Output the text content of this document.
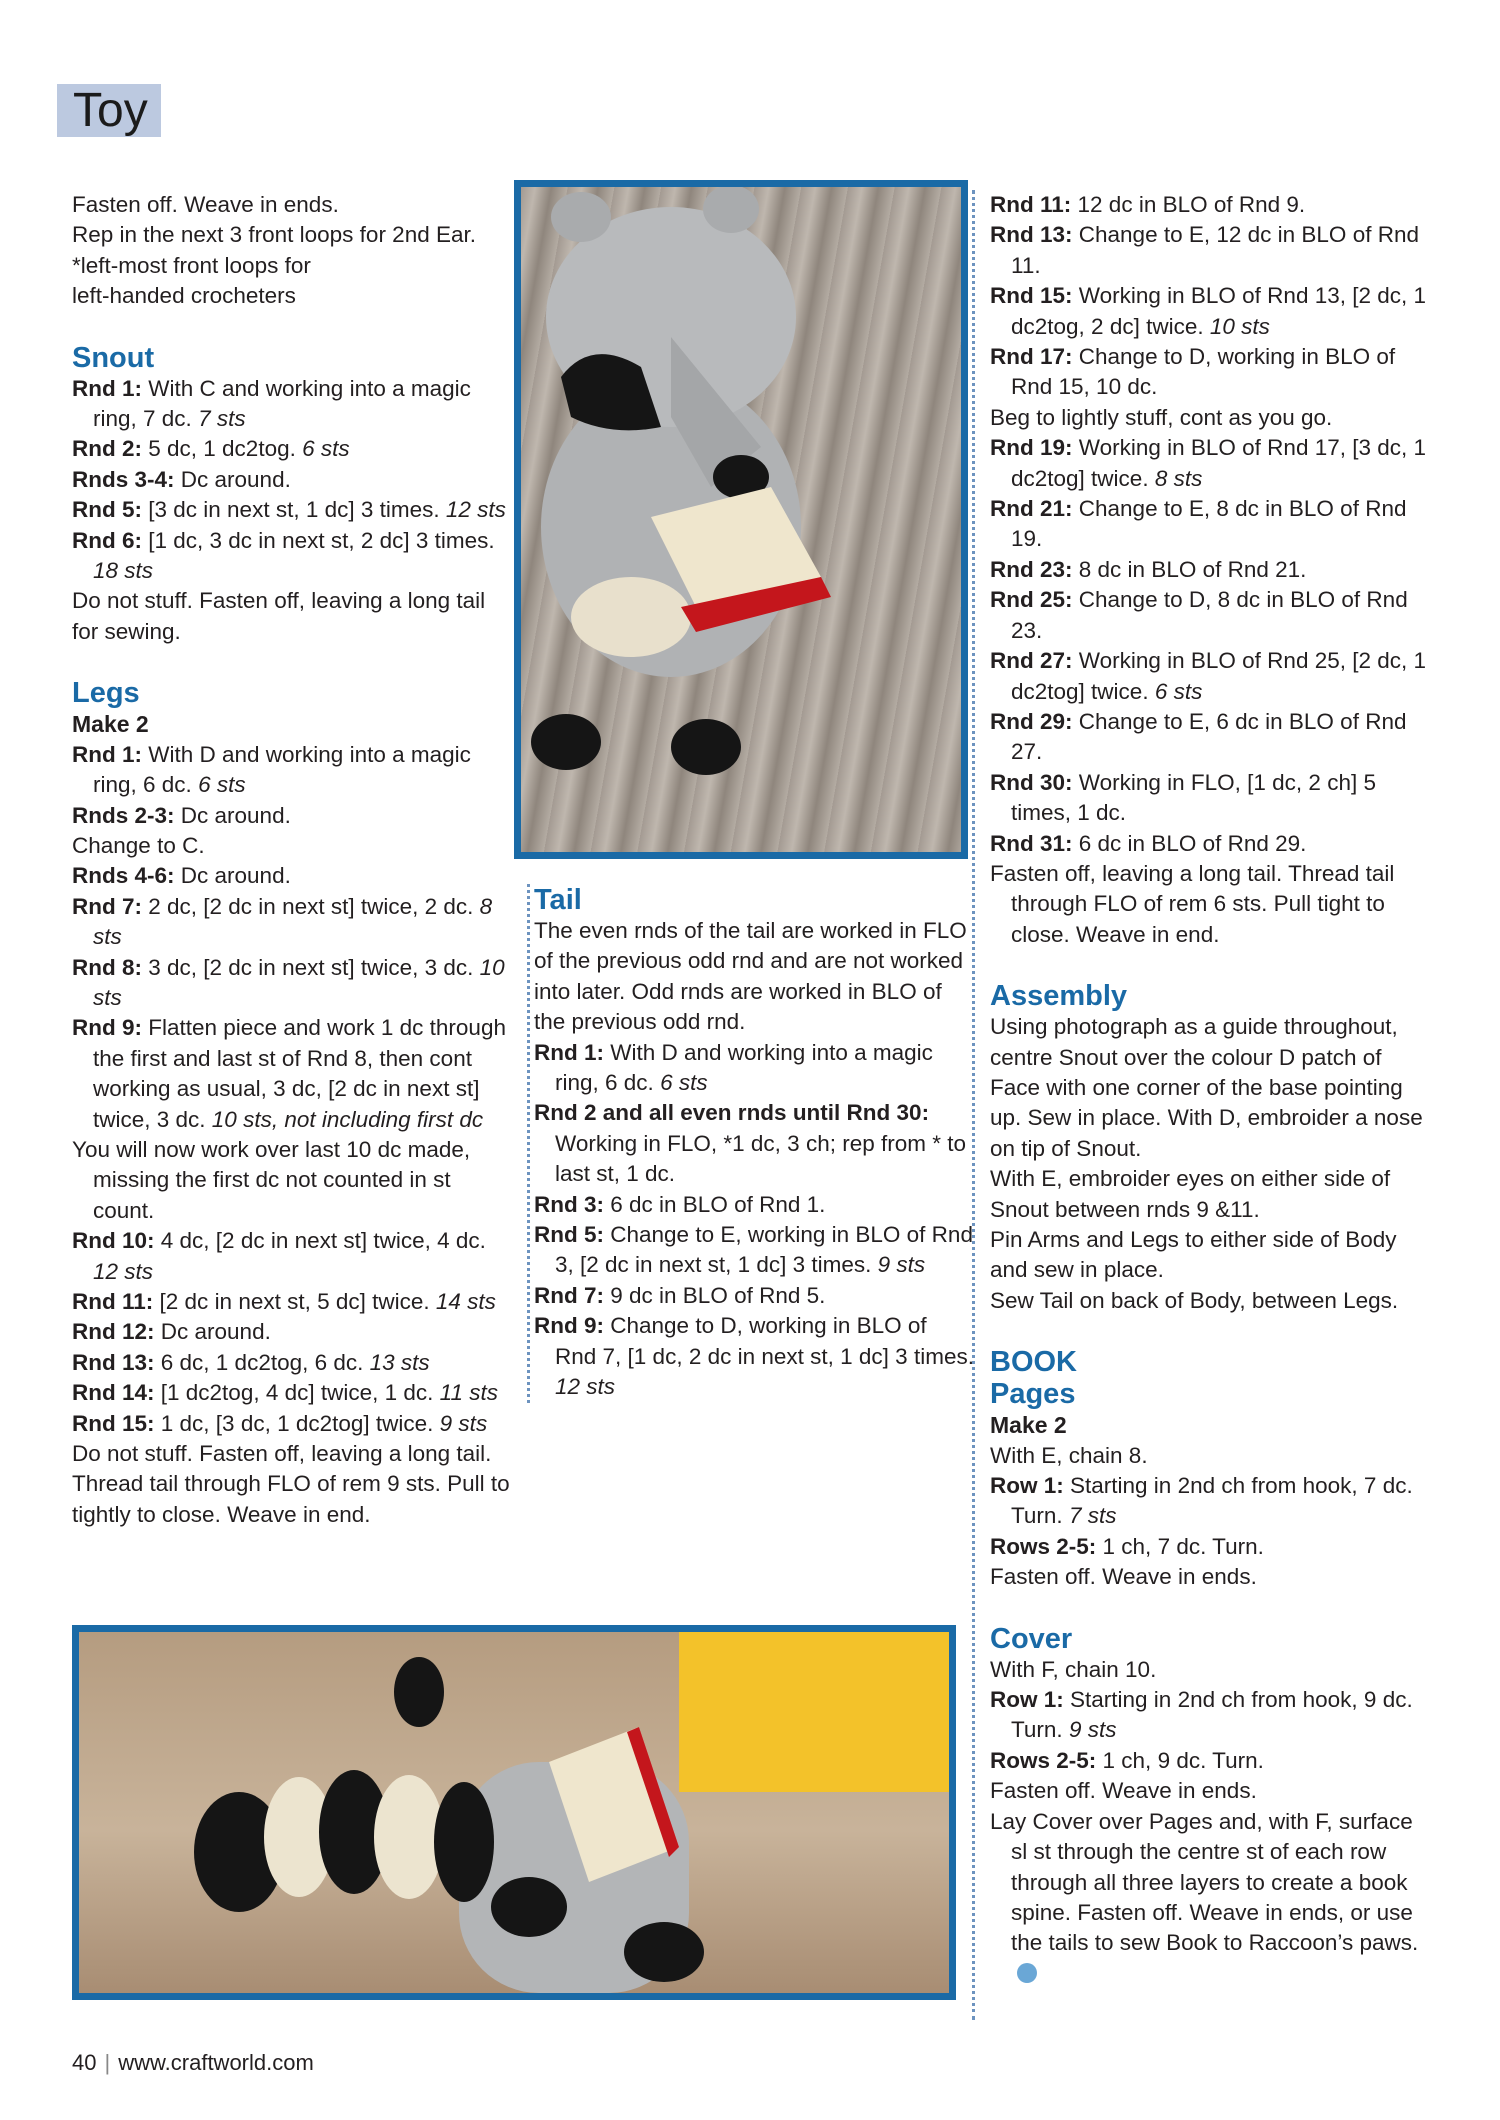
Toy

Fasten off. Weave in ends.

Rep in the next 3 front loops for 2nd Ear.

*left-most front loops for

left-handed crocheters

Snout

Rnd 1: With C and working into a magic ring, 7 dc. 7 sts

Rnd 2: 5 dc, 1 dc2tog. 6 sts

Rnds 3-4: Dc around.

Rnd 5: [3 dc in next st, 1 dc] 3 times. 12 sts

Rnd 6: [1 dc, 3 dc in next st, 2 dc] 3 times. 18 sts

Do not stuff. Fasten off, leaving a long tail for sewing.

Legs
Make 2

Rnd 1: With D and working into a magic ring, 6 dc. 6 sts

Rnds 2-3: Dc around.

Change to C.

Rnds 4-6: Dc around.

Rnd 7: 2 dc, [2 dc in next st] twice, 2 dc. 8 sts

Rnd 8: 3 dc, [2 dc in next st] twice, 3 dc. 10 sts

Rnd 9: Flatten piece and work 1 dc through the first and last st of Rnd 8, then cont working as usual, 3 dc, [2 dc in next st] twice, 3 dc. 10 sts, not including first dc

You will now work over last 10 dc made, missing the first dc not counted in st count.

Rnd 10: 4 dc, [2 dc in next st] twice, 4 dc. 12 sts

Rnd 11: [2 dc in next st, 5 dc] twice. 14 sts

Rnd 12: Dc around.

Rnd 13: 6 dc, 1 dc2tog, 6 dc. 13 sts

Rnd 14: [1 dc2tog, 4 dc] twice, 1 dc. 11 sts

Rnd 15: 1 dc, [3 dc, 1 dc2tog] twice. 9 sts

Do not stuff. Fasten off, leaving a long tail. Thread tail through FLO of rem 9 sts. Pull to tightly to close. Weave in end.

Tail

The even rnds of the tail are worked in FLO of the previous odd rnd and are not worked into later. Odd rnds are worked in BLO of the previous odd rnd.

Rnd 1: With D and working into a magic ring, 6 dc. 6 sts

Rnd 2 and all even rnds until Rnd 30: Working in FLO, *1 dc, 3 ch; rep from * to last st, 1 dc.

Rnd 3: 6 dc in BLO of Rnd 1.

Rnd 5: Change to E, working in BLO of Rnd 3, [2 dc in next st, 1 dc] 3 times. 9 sts

Rnd 7: 9 dc in BLO of Rnd 5.

Rnd 9: Change to D, working in BLO of Rnd 7, [1 dc, 2 dc in next st, 1 dc] 3 times. 12 sts

Rnd 11: 12 dc in BLO of Rnd 9.

Rnd 13: Change to E, 12 dc in BLO of Rnd 11.

Rnd 15: Working in BLO of Rnd 13, [2 dc, 1 dc2tog, 2 dc] twice. 10 sts

Rnd 17: Change to D, working in BLO of Rnd 15, 10 dc.

Beg to lightly stuff, cont as you go.

Rnd 19: Working in BLO of Rnd 17, [3 dc, 1 dc2tog] twice. 8 sts

Rnd 21: Change to E, 8 dc in BLO of Rnd 19.

Rnd 23: 8 dc in BLO of Rnd 21.

Rnd 25: Change to D, 8 dc in BLO of Rnd 23.

Rnd 27: Working in BLO of Rnd 25, [2 dc, 1 dc2tog] twice. 6 sts

Rnd 29: Change to E, 6 dc in BLO of Rnd 27.

Rnd 30: Working in FLO, [1 dc, 2 ch] 5 times, 1 dc.

Rnd 31: 6 dc in BLO of Rnd 29.

Fasten off, leaving a long tail. Thread tail through FLO of rem 6 sts. Pull tight to close. Weave in end.

Assembly

Using photograph as a guide throughout, centre Snout over the colour D patch of Face with one corner of the base pointing up. Sew in place. With D, embroider a nose on tip of Snout.

With E, embroider eyes on either side of Snout between rnds 9 &11.

Pin Arms and Legs to either side of Body and sew in place.

Sew Tail on back of Body, between Legs.

BOOK
Pages
Make 2

With E, chain 8.

Row 1: Starting in 2nd ch from hook, 7 dc. Turn. 7 sts

Rows 2-5: 1 ch, 7 dc. Turn.

Fasten off. Weave in ends.

Cover

With F, chain 10.

Row 1: Starting in 2nd ch from hook, 9 dc. Turn. 9 sts

Rows 2-5: 1 ch, 9 dc. Turn.

Fasten off. Weave in ends.

Lay Cover over Pages and, with F, surface sl st through the centre st of each row through all three layers to create a book spine. Fasten off. Weave in ends, or use the tails to sew Book to Raccoon’s paws.

40 | www.craftworld.com
